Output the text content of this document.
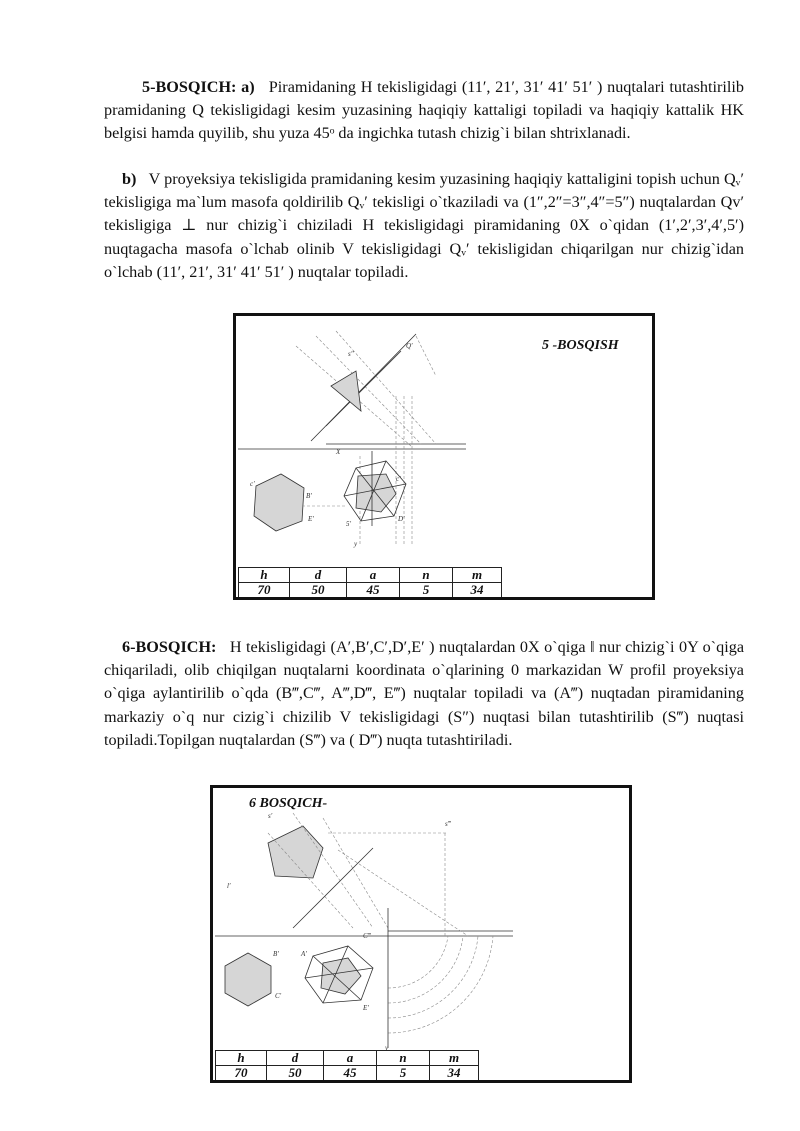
5-BOSQICH: a) Piramidaning H tekisligidagi (11′, 21′, 31′ 41′ 51′ ) nuqtalari tutashtirilib pramidaning Q tekisligidagi kesim yuzasining haqiqiy kattaligi topiladi va haqiqiy kattalik HK belgisi hamda quyilib, shu yuza 45ᵒ da ingichka tutash chizig`i bilan shtrixlanadi.

b) V proyeksiya tekisligida pramidaning kesim yuzasining haqiqiy kattaligini topish uchun Qᵥ′ tekisligiga ma`lum masofa qoldirilib Qᵥ′ tekisligi o`tkaziladi va (1″,2″=3″,4″=5″) nuqtalardan Qv′ tekisligiga ⊥ nur chizig`i chiziladi H tekisligidagi piramidaning 0X o`qidan (1′,2′,3′,4′,5′) nuqtagacha masofa o`lchab olinib V tekisligidagi Qᵥ′ tekisligidan chiqarilgan nur chizig`idan o`lchab (11′, 21′, 31′ 41′ 51′ ) nuqtalar topiladi.

5 -BOSQISH
c′
B′
E′
c′
D′
5′
X
s″
Q′
y
h	d	a	n	m
70	50	45	5	34

6-BOSQICH: H tekisligidagi (A′,B′,C′,D′,E′ ) nuqtalardan 0X o`qiga ‖ nur chizig`i 0Y o`qiga chiqariladi, olib chiqilgan nuqtalarni koordinata o`qlarining 0 markazidan W profil proyeksiya o`qiga aylantirilib o`qda (B‴,C‴, A‴,D‴, E‴) nuqtalar topiladi va (A‴) nuqtadan piramidaning markaziy o`q nur cizig`i chizilib V tekisligidagi (S″) nuqtasi bilan tutashtirilib (S‴) nuqtasi topiladi.Topilgan nuqtalardan (S‴) va ( D‴) nuqta tutashtiriladi.

6 BOSQICH-
s′
s‴
l′
B′
C′
E′
A′
C‴
y
h	d	a	n	m
70	50	45	5	34
